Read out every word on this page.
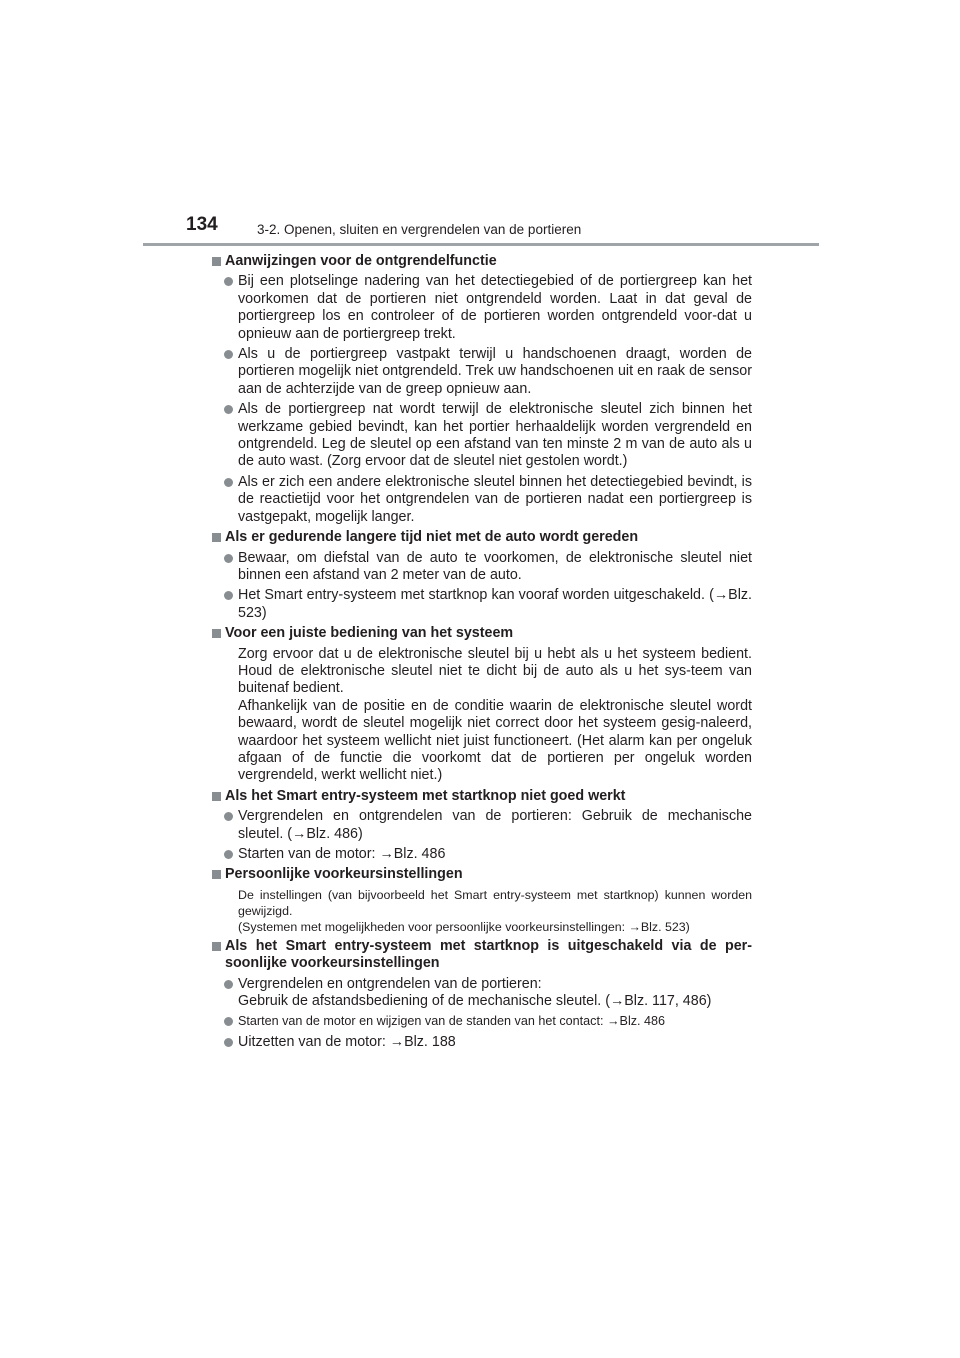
134	3-2. Openen, sluiten en vergrendelen van de portieren
Aanwijzingen voor de ontgrendelfunctie
Bij een plotselinge nadering van het detectiegebied of de portiergreep kan het voorkomen dat de portieren niet ontgrendeld worden. Laat in dat geval de portiergreep los en controleer of de portieren worden ontgrendeld voor-dat u opnieuw aan de portiergreep trekt.
Als u de portiergreep vastpakt terwijl u handschoenen draagt, worden de portieren mogelijk niet ontgrendeld. Trek uw handschoenen uit en raak de sensor aan de achterzijde van de greep opnieuw aan.
Als de portiergreep nat wordt terwijl de elektronische sleutel zich binnen het werkzame gebied bevindt, kan het portier herhaaldelijk worden vergrendeld en ontgrendeld. Leg de sleutel op een afstand van ten minste 2 m van de auto als u de auto wast. (Zorg ervoor dat de sleutel niet gestolen wordt.)
Als er zich een andere elektronische sleutel binnen het detectiegebied bevindt, is de reactietijd voor het ontgrendelen van de portieren nadat een portiergreep is vastgepakt, mogelijk langer.
Als er gedurende langere tijd niet met de auto wordt gereden
Bewaar, om diefstal van de auto te voorkomen, de elektronische sleutel niet binnen een afstand van 2 meter van de auto.
Het Smart entry-systeem met startknop kan vooraf worden uitgeschakeld. (→Blz. 523)
Voor een juiste bediening van het systeem

Zorg ervoor dat u de elektronische sleutel bij u hebt als u het systeem bedient. Houd de elektronische sleutel niet te dicht bij de auto als u het sys-teem van buitenaf bedient.

Afhankelijk van de positie en de conditie waarin de elektronische sleutel wordt bewaard, wordt de sleutel mogelijk niet correct door het systeem gesig-naleerd, waardoor het systeem wellicht niet juist functioneert. (Het alarm kan per ongeluk afgaan of de functie die voorkomt dat de portieren per ongeluk worden vergrendeld, werkt wellicht niet.)

Als het Smart entry-systeem met startknop niet goed werkt
Vergrendelen en ontgrendelen van de portieren: Gebruik de mechanische sleutel. (→Blz. 486)
Starten van de motor: →Blz. 486
Persoonlijke voorkeursinstellingen

De instellingen (van bijvoorbeeld het Smart entry-systeem met startknop) kunnen worden gewijzigd.

(Systemen met mogelijkheden voor persoonlijke voorkeursinstellingen: →Blz. 523)

Als het Smart entry-systeem met startknop is uitgeschakeld via de per-soonlijke voorkeursinstellingen
Vergrendelen en ontgrendelen van de portieren:
Gebruik de afstandsbediening of de mechanische sleutel. (→Blz. 117, 486)
Starten van de motor en wijzigen van de standen van het contact: →Blz. 486
Uitzetten van de motor: →Blz. 188
